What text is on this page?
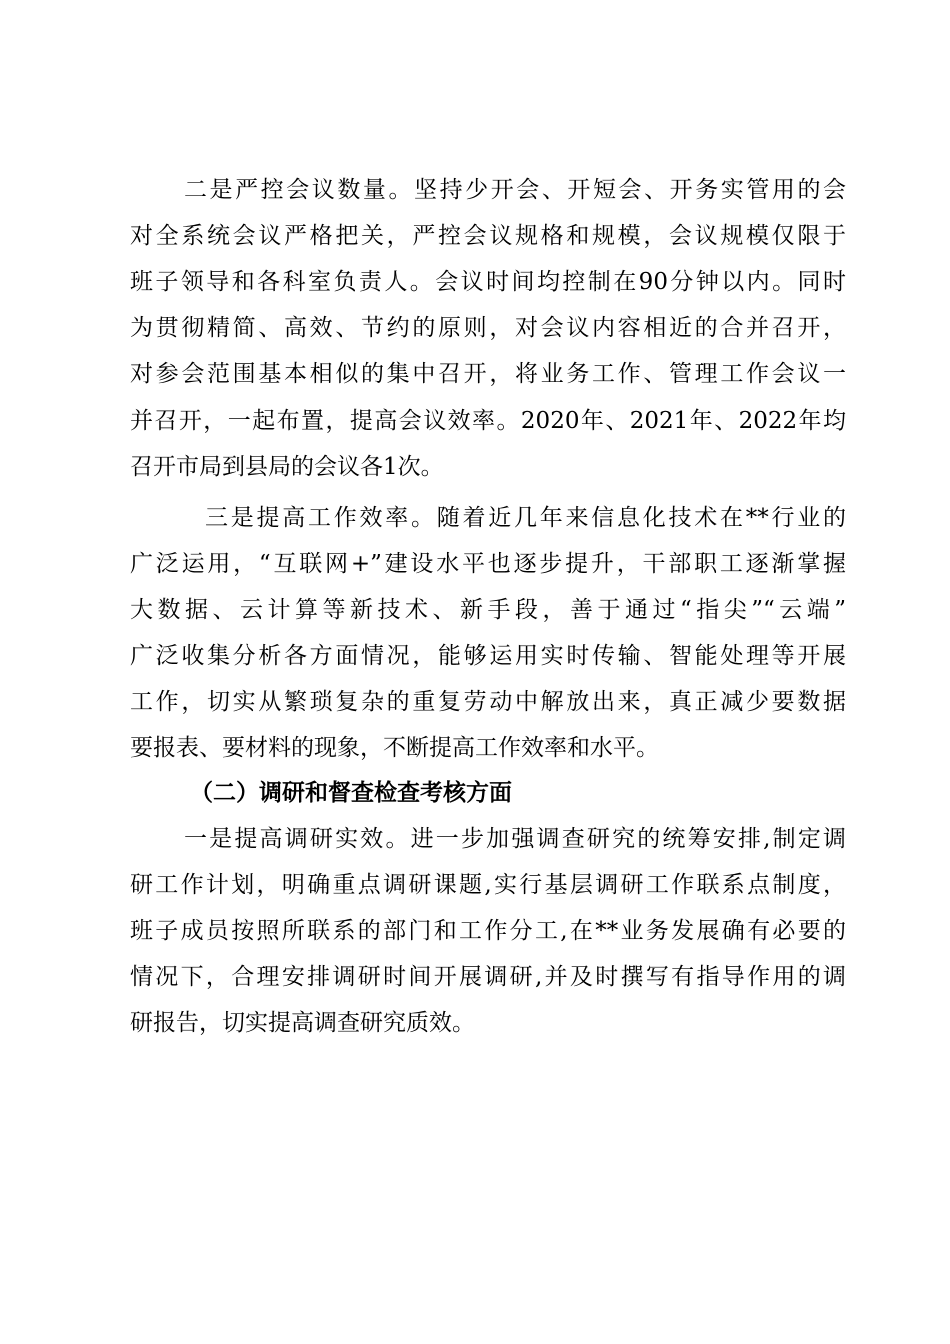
二是严控会议数量。坚持少开会、开短会、开务实管用的会
对全系统会议严格把关，严控会议规格和规模，会议规模仅限于
班子领导和各科室负责人。会议时间均控制在90分钟以内。同时
为贯彻精简、高效、节约的原则，对会议内容相近的合并召开，
对参会范围基本相似的集中召开，将业务工作、管理工作会议一
并召开，一起布置，提高会议效率。2020年、2021年、2022年均
召开市局到县局的会议各1次。
三是提高工作效率。随着近几年来信息化技术在**行业的
广泛运用，“互联网+”建设水平也逐步提升，干部职工逐渐掌握
大数据、云计算等新技术、新手段，善于通过“指尖”“云端”
广泛收集分析各方面情况，能够运用实时传输、智能处理等开展
工作，切实从繁琐复杂的重复劳动中解放出来，真正减少要数据
要报表、要材料的现象，不断提高工作效率和水平。
（二）调研和督查检查考核方面
一是提高调研实效。进一步加强调查研究的统筹安排,制定调
研工作计划，明确重点调研课题,实行基层调研工作联系点制度，
班子成员按照所联系的部门和工作分工,在**业务发展确有必要的
情况下，合理安排调研时间开展调研,并及时撰写有指导作用的调
研报告，切实提高调查研究质效。
